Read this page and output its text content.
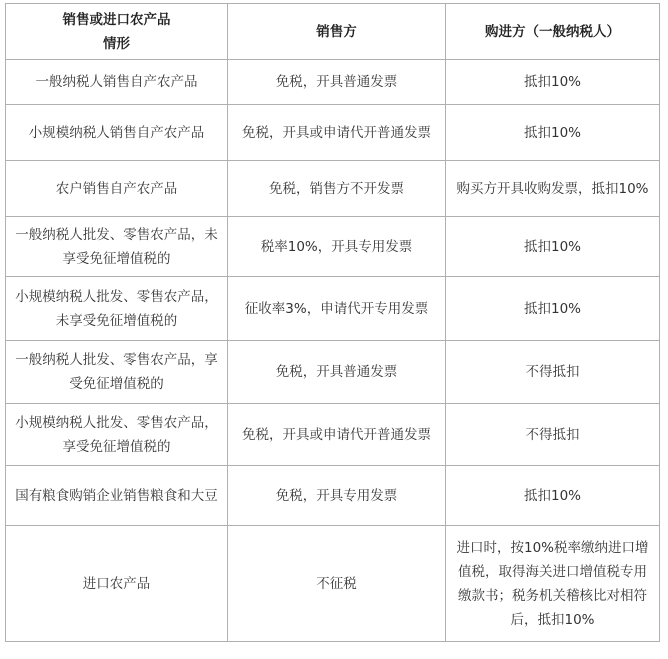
销售或进口农产品
情形	销售方	购进方（一般纳税人）
一般纳税人销售自产农产品	免税，开具普通发票	抵扣10%
小规模纳税人销售自产农产品	免税，开具或申请代开普通发票	抵扣10%
农户销售自产农产品	免税，销售方不开发票	购买方开具收购发票，抵扣10%
一般纳税人批发、零售农产品，未享受免征增值税的	税率10%，开具专用发票	抵扣10%
小规模纳税人批发、零售农产品，未享受免征增值税的	征收率3%，申请代开专用发票	抵扣10%
一般纳税人批发、零售农产品，享受免征增值税的	免税，开具普通发票	不得抵扣
小规模纳税人批发、零售农产品，享受免征增值税的	免税，开具或申请代开普通发票	不得抵扣
国有粮食购销企业销售粮食和大豆	免税，开具专用发票	抵扣10%
进口农产品	不征税	进口时，按10%税率缴纳进口增值税，取得海关进口增值税专用缴款书；税务机关稽核比对相符后，抵扣10%
